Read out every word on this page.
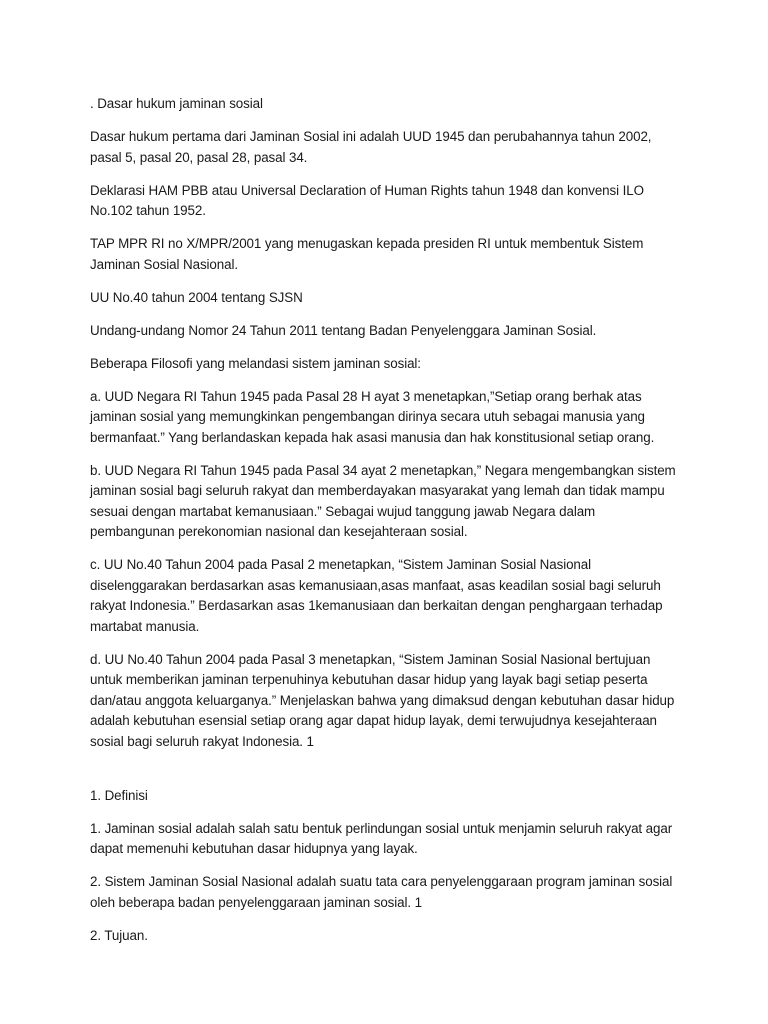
. Dasar hukum jaminan sosial

Dasar hukum pertama dari Jaminan Sosial ini adalah UUD 1945 dan perubahannya tahun 2002, pasal 5, pasal 20, pasal 28, pasal 34.

Deklarasi HAM PBB atau Universal Declaration of Human Rights tahun 1948 dan konvensi ILO No.102 tahun 1952.

TAP MPR RI no X/MPR/2001 yang menugaskan kepada presiden RI untuk membentuk Sistem Jaminan Sosial Nasional.

UU No.40 tahun 2004 tentang SJSN

Undang-undang Nomor 24 Tahun 2011 tentang Badan Penyelenggara Jaminan Sosial.

Beberapa Filosofi yang melandasi sistem jaminan sosial:

a. UUD Negara RI Tahun 1945 pada Pasal 28 H ayat 3 menetapkan,”Setiap orang berhak atas jaminan sosial yang memungkinkan pengembangan dirinya secara utuh sebagai manusia yang bermanfaat.” Yang berlandaskan kepada hak asasi manusia dan hak konstitusional setiap orang.

b. UUD Negara RI Tahun 1945 pada Pasal 34 ayat 2 menetapkan,” Negara mengembangkan sistem jaminan sosial bagi seluruh rakyat dan memberdayakan masyarakat yang lemah dan tidak mampu sesuai dengan martabat kemanusiaan.” Sebagai wujud tanggung jawab Negara dalam pembangunan perekonomian nasional dan kesejahteraan sosial.

c. UU No.40 Tahun 2004 pada Pasal 2 menetapkan, “Sistem Jaminan Sosial Nasional diselenggarakan berdasarkan asas kemanusiaan,asas manfaat, asas keadilan sosial bagi seluruh rakyat Indonesia.” Berdasarkan asas 1kemanusiaan dan berkaitan dengan penghargaan terhadap martabat manusia.

d. UU No.40 Tahun 2004 pada Pasal 3 menetapkan, “Sistem Jaminan Sosial Nasional bertujuan untuk memberikan jaminan terpenuhinya kebutuhan dasar hidup yang layak bagi setiap peserta dan/atau anggota keluarganya.” Menjelaskan bahwa yang dimaksud dengan kebutuhan dasar hidup adalah kebutuhan esensial setiap orang agar dapat hidup layak, demi terwujudnya kesejahteraan sosial bagi seluruh rakyat Indonesia. 1

1. Definisi

1. Jaminan sosial adalah salah satu bentuk perlindungan sosial untuk menjamin seluruh rakyat agar dapat memenuhi kebutuhan dasar hidupnya yang layak.

2. Sistem Jaminan Sosial Nasional adalah suatu tata cara penyelenggaraan program jaminan sosial oleh beberapa badan penyelenggaraan jaminan sosial. 1

2. Tujuan.
